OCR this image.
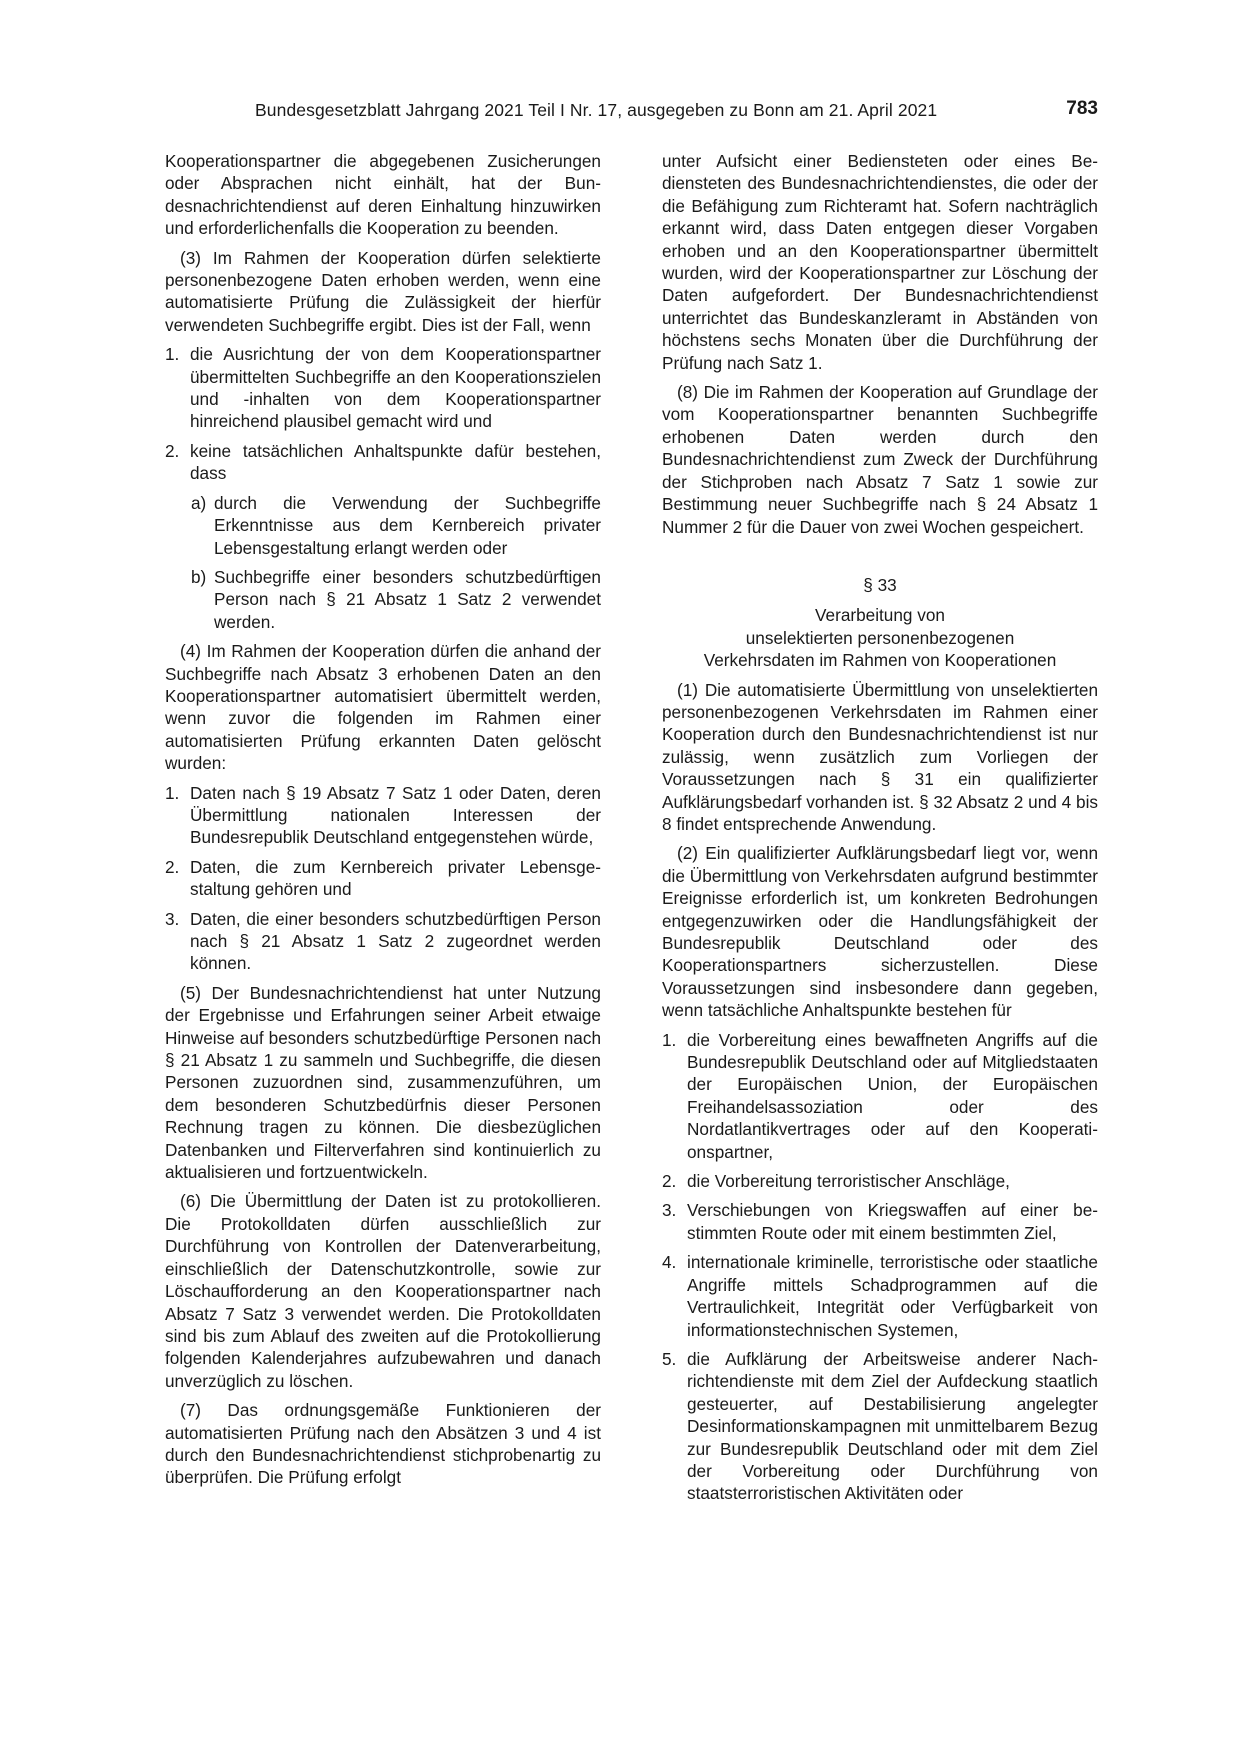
Bundesgesetzblatt Jahrgang 2021 Teil I Nr. 17, ausgegeben zu Bonn am 21. April 2021	783

Kooperationspartner die abgegebenen Zusicherungen oder Absprachen nicht einhält, hat der Bundesnachrichtendienst auf deren Einhaltung hinzuwirken und erforderlichenfalls die Kooperation zu beenden.

(3) Im Rahmen der Kooperation dürfen selektierte personenbezogene Daten erhoben werden, wenn eine automatisierte Prüfung die Zulässigkeit der hierfür verwendeten Suchbegriffe ergibt. Dies ist der Fall, wenn

1. die Ausrichtung der von dem Kooperationspartner übermittelten Suchbegriffe an den Kooperationszielen und -inhalten von dem Kooperationspartner hinreichend plausibel gemacht wird und
2. keine tatsächlichen Anhaltspunkte dafür bestehen, dass
a) durch die Verwendung der Suchbegriffe Erkenntnisse aus dem Kernbereich privater Lebensgestaltung erlangt werden oder
b) Suchbegriffe einer besonders schutzbedürftigen Person nach § 21 Absatz 1 Satz 2 verwendet werden.

(4) Im Rahmen der Kooperation dürfen die anhand der Suchbegriffe nach Absatz 3 erhobenen Daten an den Kooperationspartner automatisiert übermittelt werden, wenn zuvor die folgenden im Rahmen einer automatisierten Prüfung erkannten Daten gelöscht wurden:

1. Daten nach § 19 Absatz 7 Satz 1 oder Daten, deren Übermittlung nationalen Interessen der Bundesrepublik Deutschland entgegenstehen würde,
2. Daten, die zum Kernbereich privater Lebensgestaltung gehören und
3. Daten, die einer besonders schutzbedürftigen Person nach § 21 Absatz 1 Satz 2 zugeordnet werden können.

(5) Der Bundesnachrichtendienst hat unter Nutzung der Ergebnisse und Erfahrungen seiner Arbeit etwaige Hinweise auf besonders schutzbedürftige Personen nach § 21 Absatz 1 zu sammeln und Suchbegriffe, die diesen Personen zuzuordnen sind, zusammenzuführen, um dem besonderen Schutzbedürfnis dieser Personen Rechnung tragen zu können. Die diesbezüglichen Datenbanken und Filterverfahren sind kontinuierlich zu aktualisieren und fortzuentwickeln.

(6) Die Übermittlung der Daten ist zu protokollieren. Die Protokolldaten dürfen ausschließlich zur Durchführung von Kontrollen der Datenverarbeitung, einschließlich der Datenschutzkontrolle, sowie zur Löschaufforderung an den Kooperationspartner nach Absatz 7 Satz 3 verwendet werden. Die Protokolldaten sind bis zum Ablauf des zweiten auf die Protokollierung folgenden Kalenderjahres aufzubewahren und danach unverzüglich zu löschen.

(7) Das ordnungsgemäße Funktionieren der automatisierten Prüfung nach den Absätzen 3 und 4 ist durch den Bundesnachrichtendienst stichprobenartig zu überprüfen. Die Prüfung erfolgt

unter Aufsicht einer Bediensteten oder eines Bediensteten des Bundesnachrichtendienstes, die oder der die Befähigung zum Richteramt hat. Sofern nachträglich erkannt wird, dass Daten entgegen dieser Vorgaben erhoben und an den Kooperationspartner übermittelt wurden, wird der Kooperationspartner zur Löschung der Daten aufgefordert. Der Bundesnachrichtendienst unterrichtet das Bundeskanzleramt in Abständen von höchstens sechs Monaten über die Durchführung der Prüfung nach Satz 1.

(8) Die im Rahmen der Kooperation auf Grundlage der vom Kooperationspartner benannten Suchbegriffe erhobenen Daten werden durch den Bundesnachrichtendienst zum Zweck der Durchführung der Stichproben nach Absatz 7 Satz 1 sowie zur Bestimmung neuer Suchbegriffe nach § 24 Absatz 1 Nummer 2 für die Dauer von zwei Wochen gespeichert.

§ 33
Verarbeitung von
unselektierten personenbezogenen
Verkehrsdaten im Rahmen von Kooperationen

(1) Die automatisierte Übermittlung von unselektierten personenbezogenen Verkehrsdaten im Rahmen einer Kooperation durch den Bundesnachrichtendienst ist nur zulässig, wenn zusätzlich zum Vorliegen der Voraussetzungen nach § 31 ein qualifizierter Aufklärungsbedarf vorhanden ist. § 32 Absatz 2 und 4 bis 8 findet entsprechende Anwendung.

(2) Ein qualifizierter Aufklärungsbedarf liegt vor, wenn die Übermittlung von Verkehrsdaten aufgrund bestimmter Ereignisse erforderlich ist, um konkreten Bedrohungen entgegenzuwirken oder die Handlungsfähigkeit der Bundesrepublik Deutschland oder des Kooperationspartners sicherzustellen. Diese Voraussetzungen sind insbesondere dann gegeben, wenn tatsächliche Anhaltspunkte bestehen für

1. die Vorbereitung eines bewaffneten Angriffs auf die Bundesrepublik Deutschland oder auf Mitgliedstaaten der Europäischen Union, der Europäischen Freihandelsassoziation oder des Nordatlantikvertrages oder auf den Kooperationspartner,
2. die Vorbereitung terroristischer Anschläge,
3. Verschiebungen von Kriegswaffen auf einer bestimmten Route oder mit einem bestimmten Ziel,
4. internationale kriminelle, terroristische oder staatliche Angriffe mittels Schadprogrammen auf die Vertraulichkeit, Integrität oder Verfügbarkeit von informationstechnischen Systemen,
5. die Aufklärung der Arbeitsweise anderer Nachrichtendienste mit dem Ziel der Aufdeckung staatlich gesteuerter, auf Destabilisierung angelegter Desinformationskampagnen mit unmittelbarem Bezug zur Bundesrepublik Deutschland oder mit dem Ziel der Vorbereitung oder Durchführung von staatsterroristischen Aktivitäten oder
